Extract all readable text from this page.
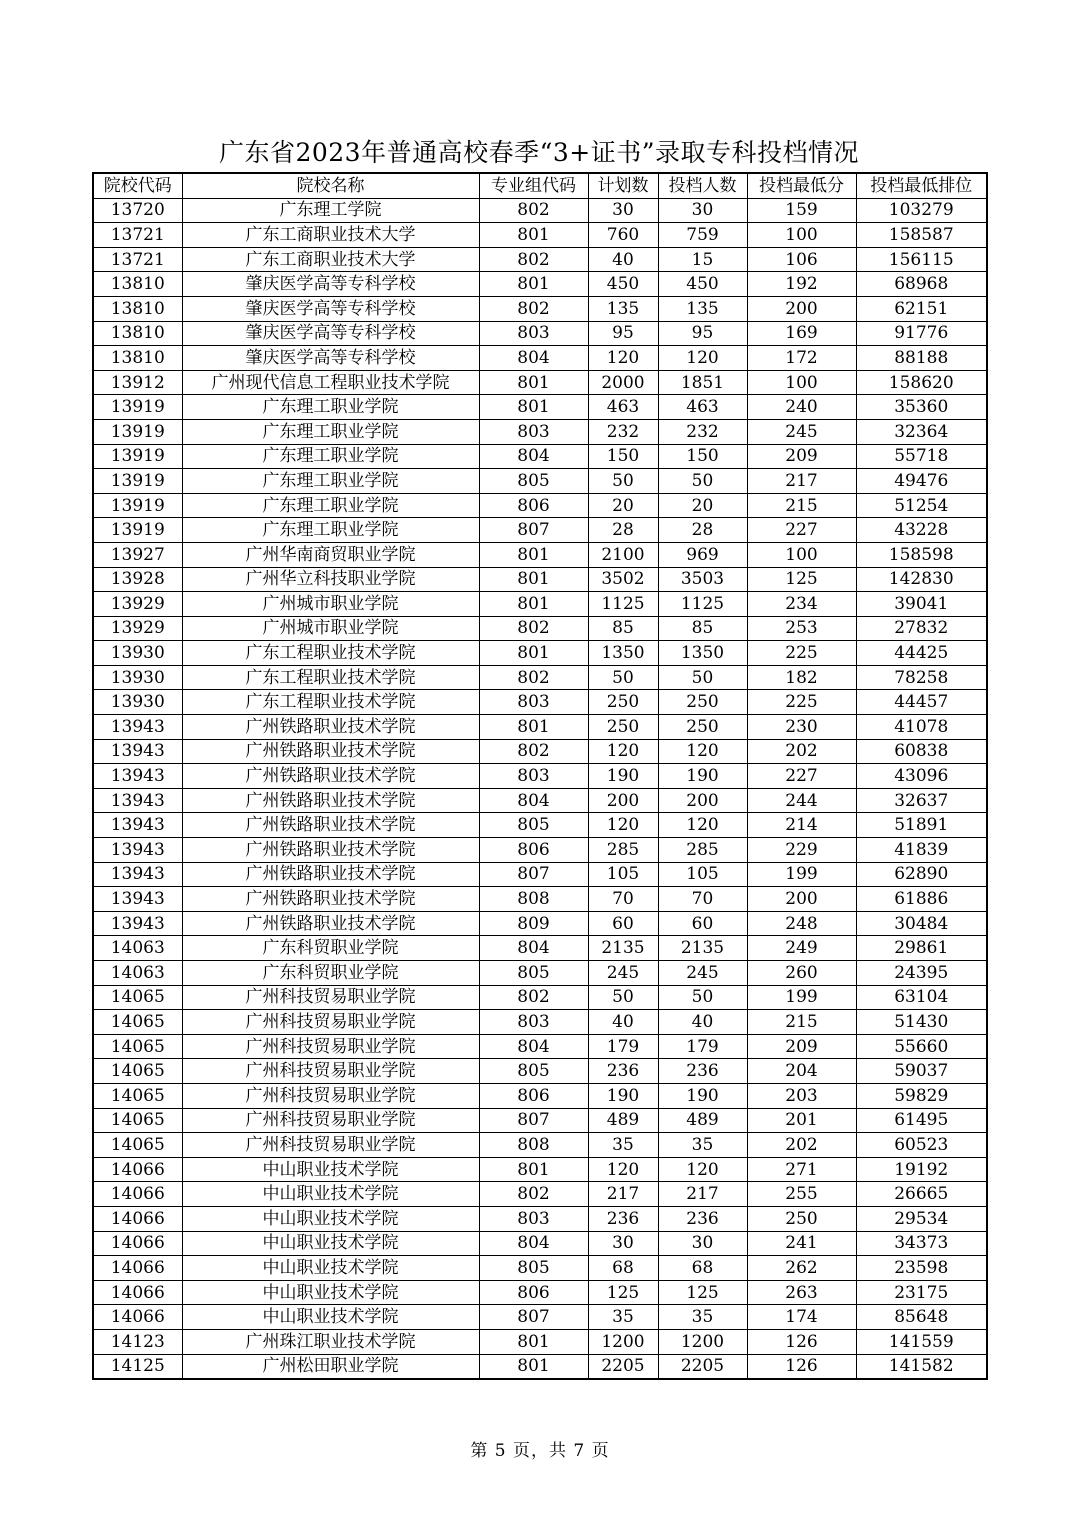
广东省2023年普通高校春季“3+证书”录取专科投档情况
院校代码	院校名称	专业组代码	计划数	投档人数	投档最低分	投档最低排位
13720	广东理工学院	802	30	30	159	103279
13721	广东工商职业技术大学	801	760	759	100	158587
13721	广东工商职业技术大学	802	40	15	106	156115
13810	肇庆医学高等专科学校	801	450	450	192	68968
13810	肇庆医学高等专科学校	802	135	135	200	62151
13810	肇庆医学高等专科学校	803	95	95	169	91776
13810	肇庆医学高等专科学校	804	120	120	172	88188
13912	广州现代信息工程职业技术学院	801	2000	1851	100	158620
13919	广东理工职业学院	801	463	463	240	35360
13919	广东理工职业学院	803	232	232	245	32364
13919	广东理工职业学院	804	150	150	209	55718
13919	广东理工职业学院	805	50	50	217	49476
13919	广东理工职业学院	806	20	20	215	51254
13919	广东理工职业学院	807	28	28	227	43228
13927	广州华南商贸职业学院	801	2100	969	100	158598
13928	广州华立科技职业学院	801	3502	3503	125	142830
13929	广州城市职业学院	801	1125	1125	234	39041
13929	广州城市职业学院	802	85	85	253	27832
13930	广东工程职业技术学院	801	1350	1350	225	44425
13930	广东工程职业技术学院	802	50	50	182	78258
13930	广东工程职业技术学院	803	250	250	225	44457
13943	广州铁路职业技术学院	801	250	250	230	41078
13943	广州铁路职业技术学院	802	120	120	202	60838
13943	广州铁路职业技术学院	803	190	190	227	43096
13943	广州铁路职业技术学院	804	200	200	244	32637
13943	广州铁路职业技术学院	805	120	120	214	51891
13943	广州铁路职业技术学院	806	285	285	229	41839
13943	广州铁路职业技术学院	807	105	105	199	62890
13943	广州铁路职业技术学院	808	70	70	200	61886
13943	广州铁路职业技术学院	809	60	60	248	30484
14063	广东科贸职业学院	804	2135	2135	249	29861
14063	广东科贸职业学院	805	245	245	260	24395
14065	广州科技贸易职业学院	802	50	50	199	63104
14065	广州科技贸易职业学院	803	40	40	215	51430
14065	广州科技贸易职业学院	804	179	179	209	55660
14065	广州科技贸易职业学院	805	236	236	204	59037
14065	广州科技贸易职业学院	806	190	190	203	59829
14065	广州科技贸易职业学院	807	489	489	201	61495
14065	广州科技贸易职业学院	808	35	35	202	60523
14066	中山职业技术学院	801	120	120	271	19192
14066	中山职业技术学院	802	217	217	255	26665
14066	中山职业技术学院	803	236	236	250	29534
14066	中山职业技术学院	804	30	30	241	34373
14066	中山职业技术学院	805	68	68	262	23598
14066	中山职业技术学院	806	125	125	263	23175
14066	中山职业技术学院	807	35	35	174	85648
14123	广州珠江职业技术学院	801	1200	1200	126	141559
14125	广州松田职业学院	801	2205	2205	126	141582
第 5 页，共 7 页
